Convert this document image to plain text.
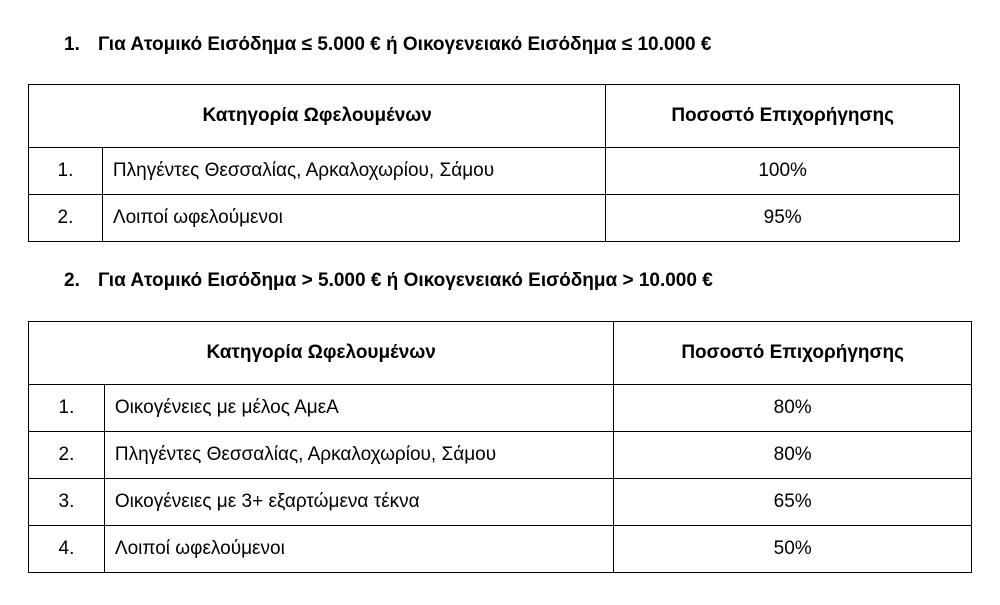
1. Για Ατομικό Εισόδημα ≤ 5.000 € ή Οικογενειακό Εισόδημα ≤ 10.000 €
Κατηγορία Ωφελουμένων		Ποσοστό Επιχορήγησης
1.	Πληγέντες Θεσσαλίας, Αρκαλοχωρίου, Σάμου	100%
2.	Λοιποί ωφελούμενοι	95%
2. Για Ατομικό Εισόδημα > 5.000 € ή Οικογενειακό Εισόδημα > 10.000 €
Κατηγορία Ωφελουμένων		Ποσοστό Επιχορήγησης
1.	Οικογένειες με μέλος ΑμεΑ	80%
2.	Πληγέντες Θεσσαλίας, Αρκαλοχωρίου, Σάμου	80%
3.	Οικογένειες με 3+ εξαρτώμενα τέκνα	65%
4.	Λοιποί ωφελούμενοι	50%
